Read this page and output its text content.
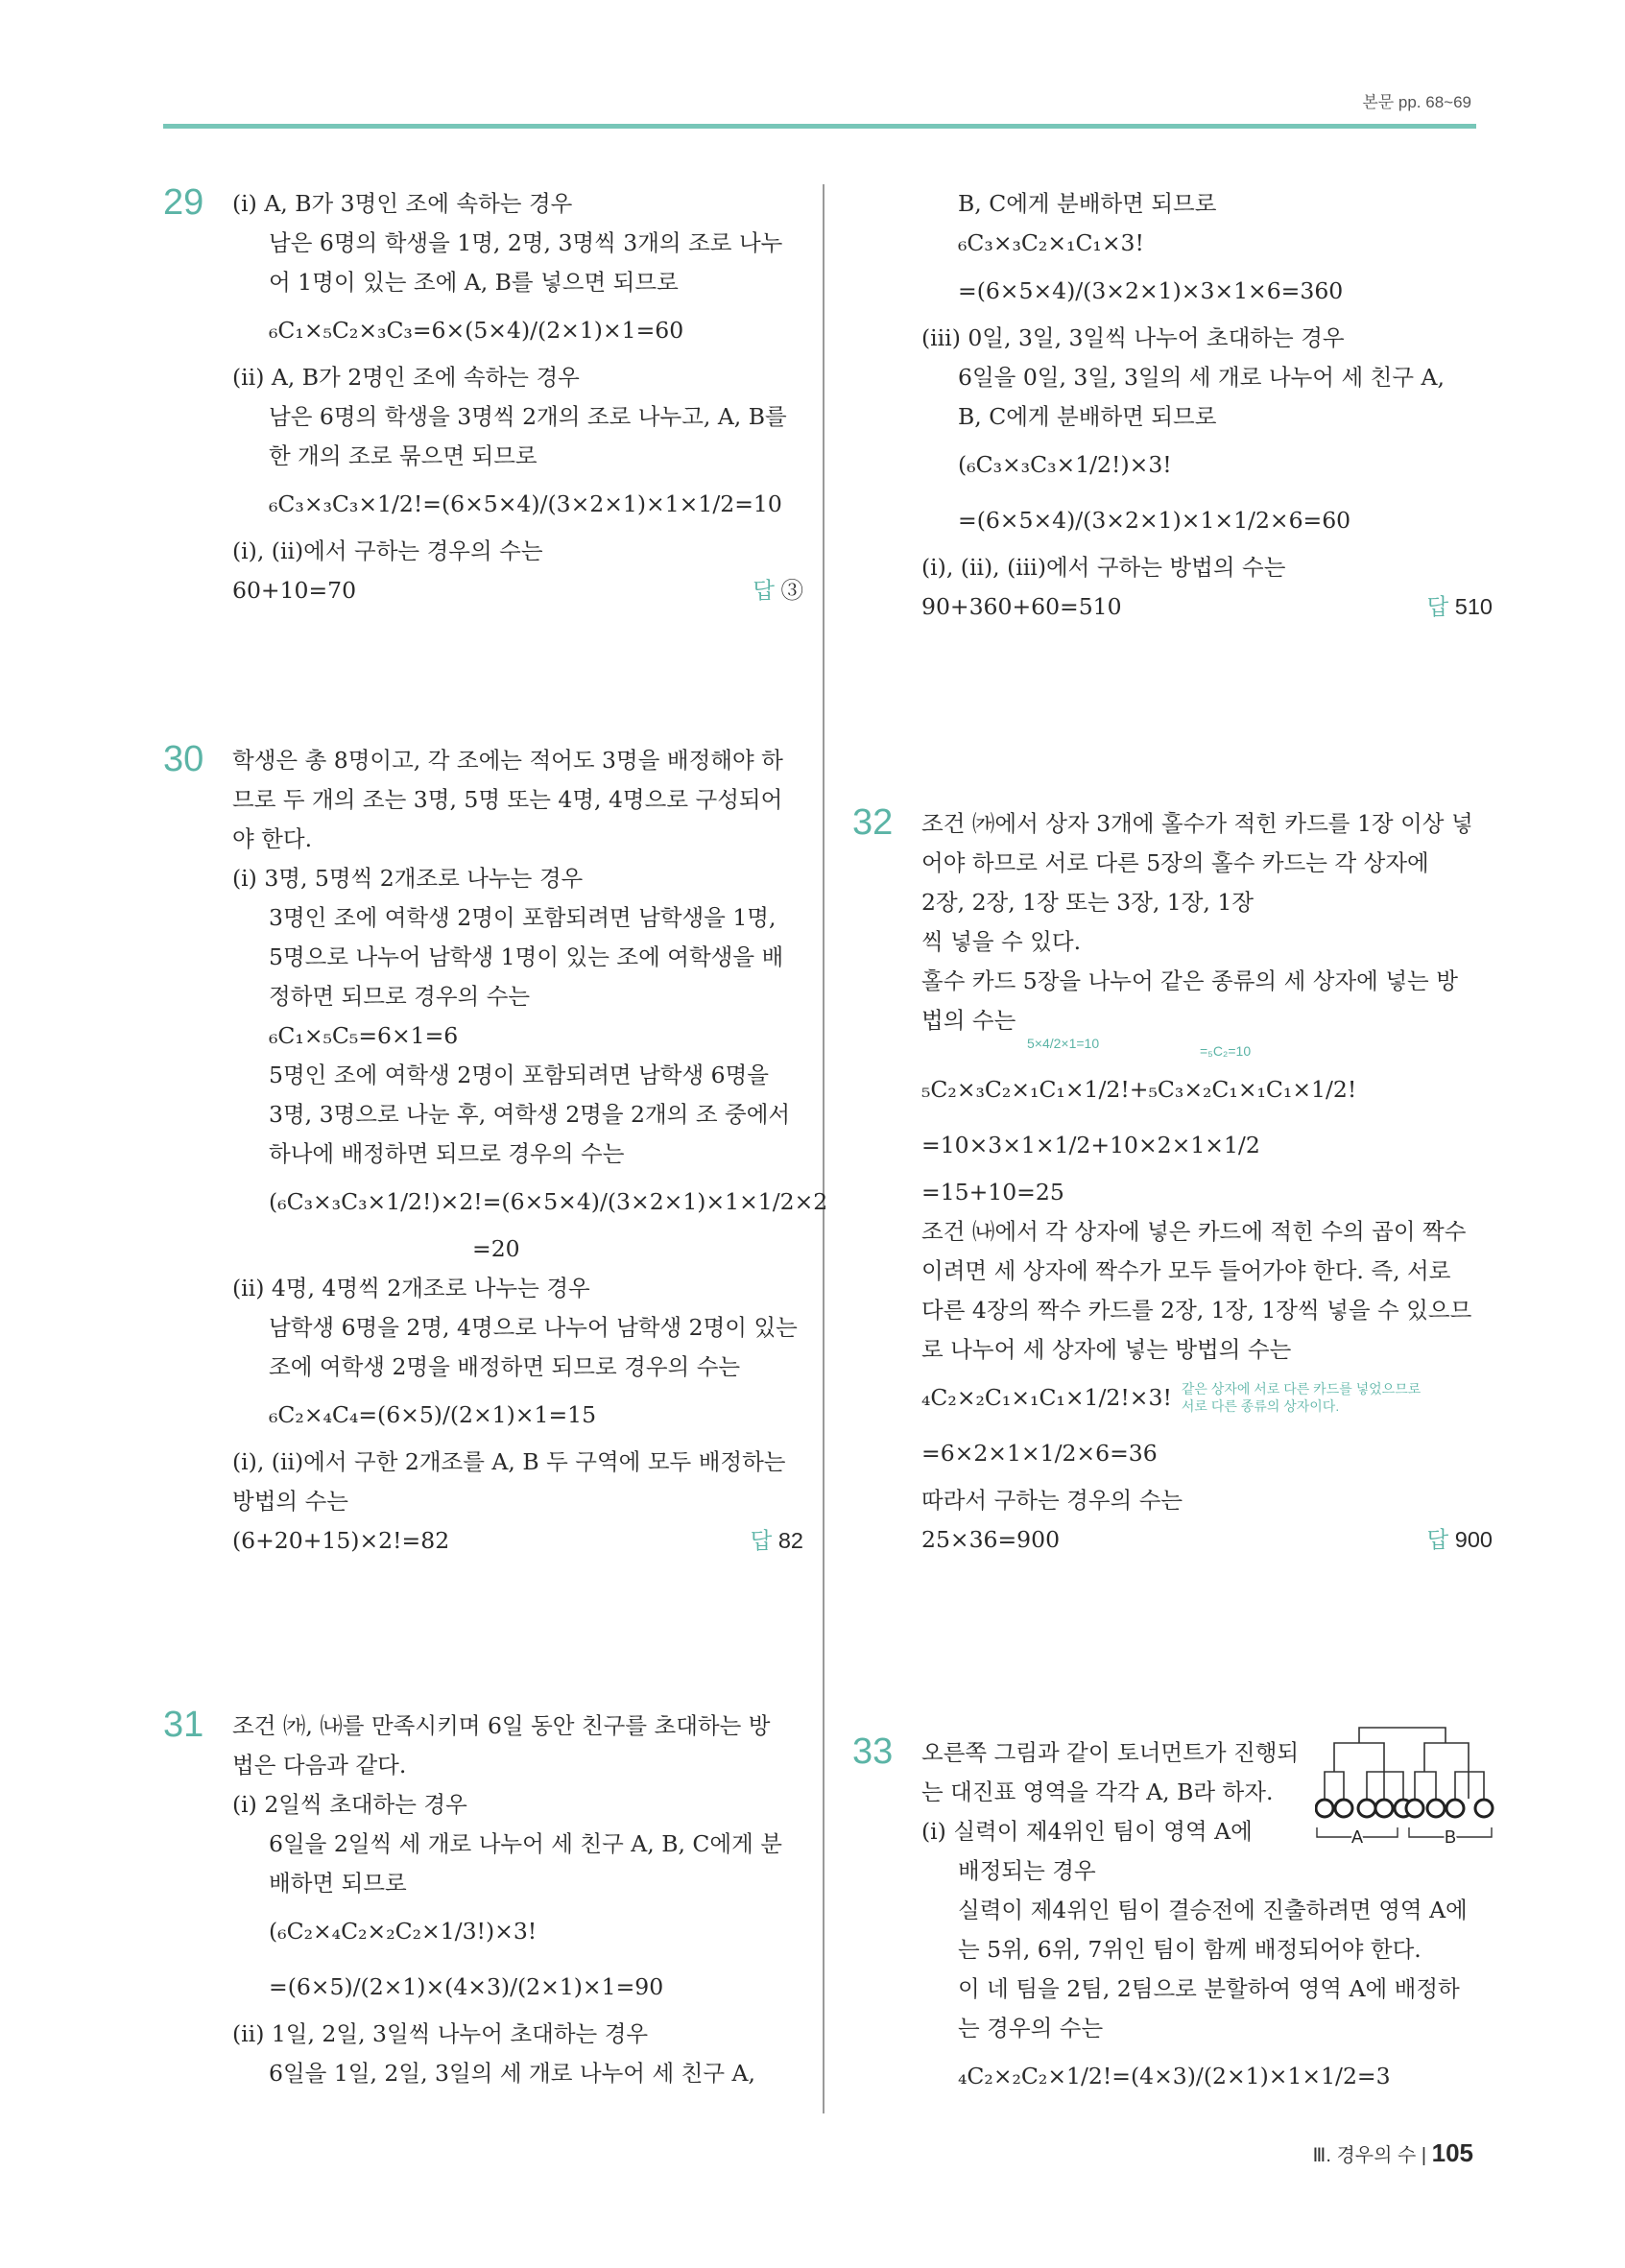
본문 pp. 68~69
29 (ⅰ) A, B가 3명인 조에 속하는 경우

남은 6명의 학생을 1명, 2명, 3명씩 3개의 조로 나누

어 1명이 있는 조에 A, B를 넣으면 되므로

₆C₁×₅C₂×₃C₃=6×(5×4)/(2×1)×1=60

(ⅱ) A, B가 2명인 조에 속하는 경우

남은 6명의 학생을 3명씩 2개의 조로 나누고, A, B를

한 개의 조로 묶으면 되므로

₆C₃×₃C₃×1/2!=(6×5×4)/(3×2×1)×1×1/2=10

(ⅰ), (ⅱ)에서 구하는 경우의 수는

60+10=70	답 ③
30 학생은 총 8명이고, 각 조에는 적어도 3명을 배정해야 하

므로 두 개의 조는 3명, 5명 또는 4명, 4명으로 구성되어

야 한다.

(ⅰ) 3명, 5명씩 2개조로 나누는 경우

3명인 조에 여학생 2명이 포함되려면 남학생을 1명,

5명으로 나누어 남학생 1명이 있는 조에 여학생을 배

정하면 되므로 경우의 수는

₆C₁×₅C₅=6×1=6

5명인 조에 여학생 2명이 포함되려면 남학생 6명을

3명, 3명으로 나눈 후, 여학생 2명을 2개의 조 중에서

하나에 배정하면 되므로 경우의 수는

(₆C₃×₃C₃×1/2!)×2!=(6×5×4)/(3×2×1)×1×1/2×2

=20

(ⅱ) 4명, 4명씩 2개조로 나누는 경우

남학생 6명을 2명, 4명으로 나누어 남학생 2명이 있는

조에 여학생 2명을 배정하면 되므로 경우의 수는

₆C₂×₄C₄=(6×5)/(2×1)×1=15

(ⅰ), (ⅱ)에서 구한 2개조를 A, B 두 구역에 모두 배정하는

방법의 수는

(6+20+15)×2!=82	답 82
31 조건 ㈎, ㈏를 만족시키며 6일 동안 친구를 초대하는 방

법은 다음과 같다.

(ⅰ) 2일씩 초대하는 경우

6일을 2일씩 세 개로 나누어 세 친구 A, B, C에게 분

배하면 되므로

(₆C₂×₄C₂×₂C₂×1/3!)×3!

=(6×5)/(2×1)×(4×3)/(2×1)×1=90

(ⅱ) 1일, 2일, 3일씩 나누어 초대하는 경우

6일을 1일, 2일, 3일의 세 개로 나누어 세 친구 A,

B, C에게 분배하면 되므로

₆C₃×₃C₂×₁C₁×3!

=(6×5×4)/(3×2×1)×3×1×6=360

(ⅲ) 0일, 3일, 3일씩 나누어 초대하는 경우

6일을 0일, 3일, 3일의 세 개로 나누어 세 친구 A,

B, C에게 분배하면 되므로

(₆C₃×₃C₃×1/2!)×3!

=(6×5×4)/(3×2×1)×1×1/2×6=60

(ⅰ), (ⅱ), (ⅲ)에서 구하는 방법의 수는

90+360+60=510	답 510
32 조건 ㈎에서 상자 3개에 홀수가 적힌 카드를 1장 이상 넣

어야 하므로 서로 다른 5장의 홀수 카드는 각 상자에

2장, 2장, 1장 또는 3장, 1장, 1장

씩 넣을 수 있다.

홀수 카드 5장을 나누어 같은 종류의 세 상자에 넣는 방

법의 수는

5×4/2×1=10	=₅C₂=10

₅C₂×₃C₂×₁C₁×1/2!+₅C₃×₂C₁×₁C₁×1/2!

=10×3×1×1/2+10×2×1×1/2

=15+10=25

조건 ㈏에서 각 상자에 넣은 카드에 적힌 수의 곱이 짝수

이려면 세 상자에 짝수가 모두 들어가야 한다. 즉, 서로

다른 4장의 짝수 카드를 2장, 1장, 1장씩 넣을 수 있으므

로 나누어 세 상자에 넣는 방법의 수는

₄C₂×₂C₁×₁C₁×1/2!×3! 같은 상자에 서로 다른 카드를 넣었으므로
서로 다른 종류의 상자이다.

=6×2×1×1/2×6=36

따라서 구하는 경우의 수는

25×36=900	답 900
33 오른쪽 그림과 같이 토너먼트가 진행되

는 대진표 영역을 각각 A, B라 하자.

(ⅰ) 실력이 제4위인 팀이 영역 A에

배정되는 경우

실력이 제4위인 팀이 결승전에 진출하려면 영역 A에

는 5위, 6위, 7위인 팀이 함께 배정되어야 한다.

이 네 팀을 2팀, 2팀으로 분할하여 영역 A에 배정하

는 경우의 수는

₄C₂×₂C₂×1/2!=(4×3)/(2×1)×1×1/2=3

A	B
Ⅲ. 경우의 수 | 105
